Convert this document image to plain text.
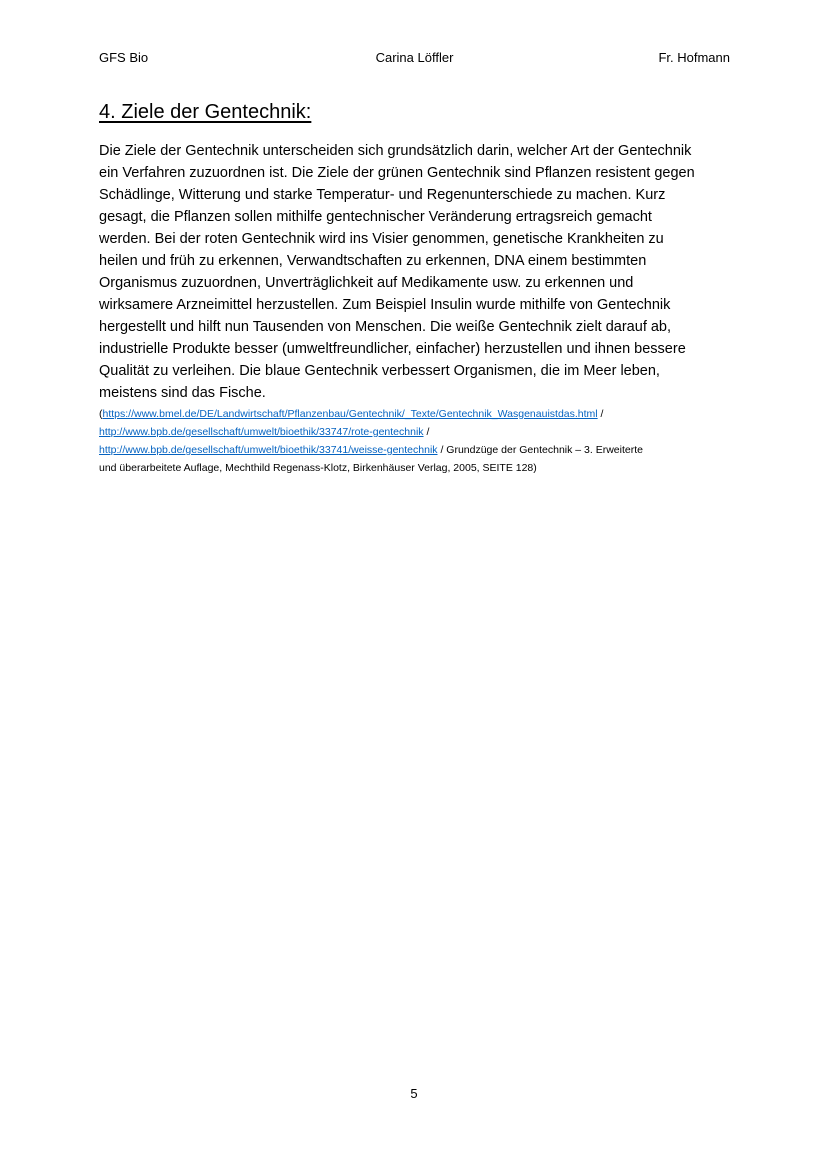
GFS Bio	Carina Löffler	Fr. Hofmann
4. Ziele der Gentechnik:
Die Ziele der Gentechnik unterscheiden sich grundsätzlich darin, welcher Art der Gentechnik
ein Verfahren zuzuordnen ist. Die Ziele der grünen Gentechnik sind Pflanzen resistent gegen
Schädlinge, Witterung und starke Temperatur- und Regenunterschiede zu machen. Kurz
gesagt, die Pflanzen sollen mithilfe gentechnischer Veränderung ertragsreich gemacht
werden. Bei der roten Gentechnik wird ins Visier genommen, genetische Krankheiten zu
heilen und früh zu erkennen, Verwandtschaften zu erkennen, DNA einem bestimmten
Organismus zuzuordnen, Unverträglichkeit auf Medikamente usw. zu erkennen und
wirksamere Arzneimittel herzustellen. Zum Beispiel Insulin wurde mithilfe von Gentechnik
hergestellt und hilft nun Tausenden von Menschen. Die weiße Gentechnik zielt darauf ab,
industrielle Produkte besser (umweltfreundlicher, einfacher) herzustellen und ihnen bessere
Qualität zu verleihen. Die blaue Gentechnik verbessert Organismen, die im Meer leben,
meistens sind das Fische.
(https://www.bmel.de/DE/Landwirtschaft/Pflanzenbau/Gentechnik/_Texte/Gentechnik_Wasgenauistdas.html /
http://www.bpb.de/gesellschaft/umwelt/bioethik/33747/rote-gentechnik /
http://www.bpb.de/gesellschaft/umwelt/bioethik/33741/weisse-gentechnik / Grundzüge der Gentechnik – 3. Erweiterte
und überarbeitete Auflage, Mechthild Regenass-Klotz, Birkenhäuser Verlag, 2005, SEITE 128)
5
